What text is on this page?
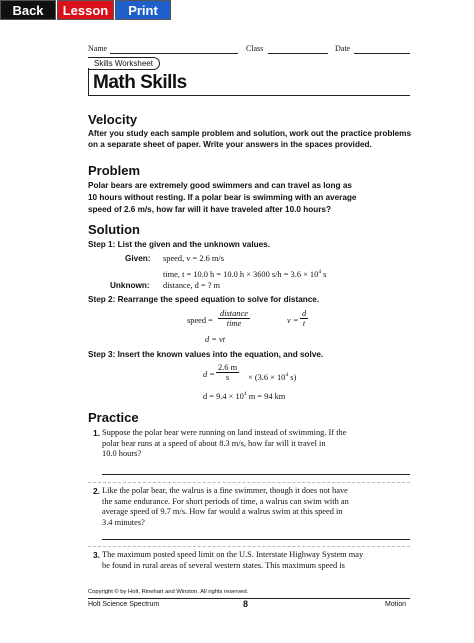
Back	Lesson	Print
Name	Class	Date
Skills Worksheet
Math Skills
Velocity
After you study each sample problem and solution, work out the practice problems
on a separate sheet of paper. Write your answers in the spaces provided.
Problem
Polar bears are extremely good swimmers and can travel as long as
10 hours without resting. If a polar bear is swimming with an average
speed of 2.6 m/s, how far will it have traveled after 10.0 hours?
Solution
Step 1: List the given and the unknown values.
Given: speed, v = 2.6 m/s
time, t = 10.0 h = 10.0 h × 3600 $s/h = 3.6 \times 10^4$ s
Unknown: distance, d = ? m
Step 2: Rearrange the speed equation to solve for distance.
speed =
distance
time	$v = \frac{d}{t}$
d = vt
Step 3: Insert the known values into the equation, and solve.
$d = \frac{2.6 m}{s} \times (3.6 \times 10^4$ s)
$d = 9.4 \times 10^4$ m = 94 km
Practice
1. Suppose the polar bear were running on land instead of swimming. If the
polar bear runs at a speed of about 8.3 m/s, how far will it travel in
10.0 hours?
2. Like the polar bear, the walrus is a fine swimmer, though it does not have
the same endurance. For short periods of time, a walrus can swim with an
average speed of 9.7 m/s. How far would a walrus swim at this speed in
3.4 minutes?
3. The maximum posted speed limit on the U.S. Interstate Highway System may
be found in rural areas of several western states. This maximum speed is
Copyright © by Holt, Rinehart and Winston. All rights reserved.
Holt Science Spectrum	8	Motion
